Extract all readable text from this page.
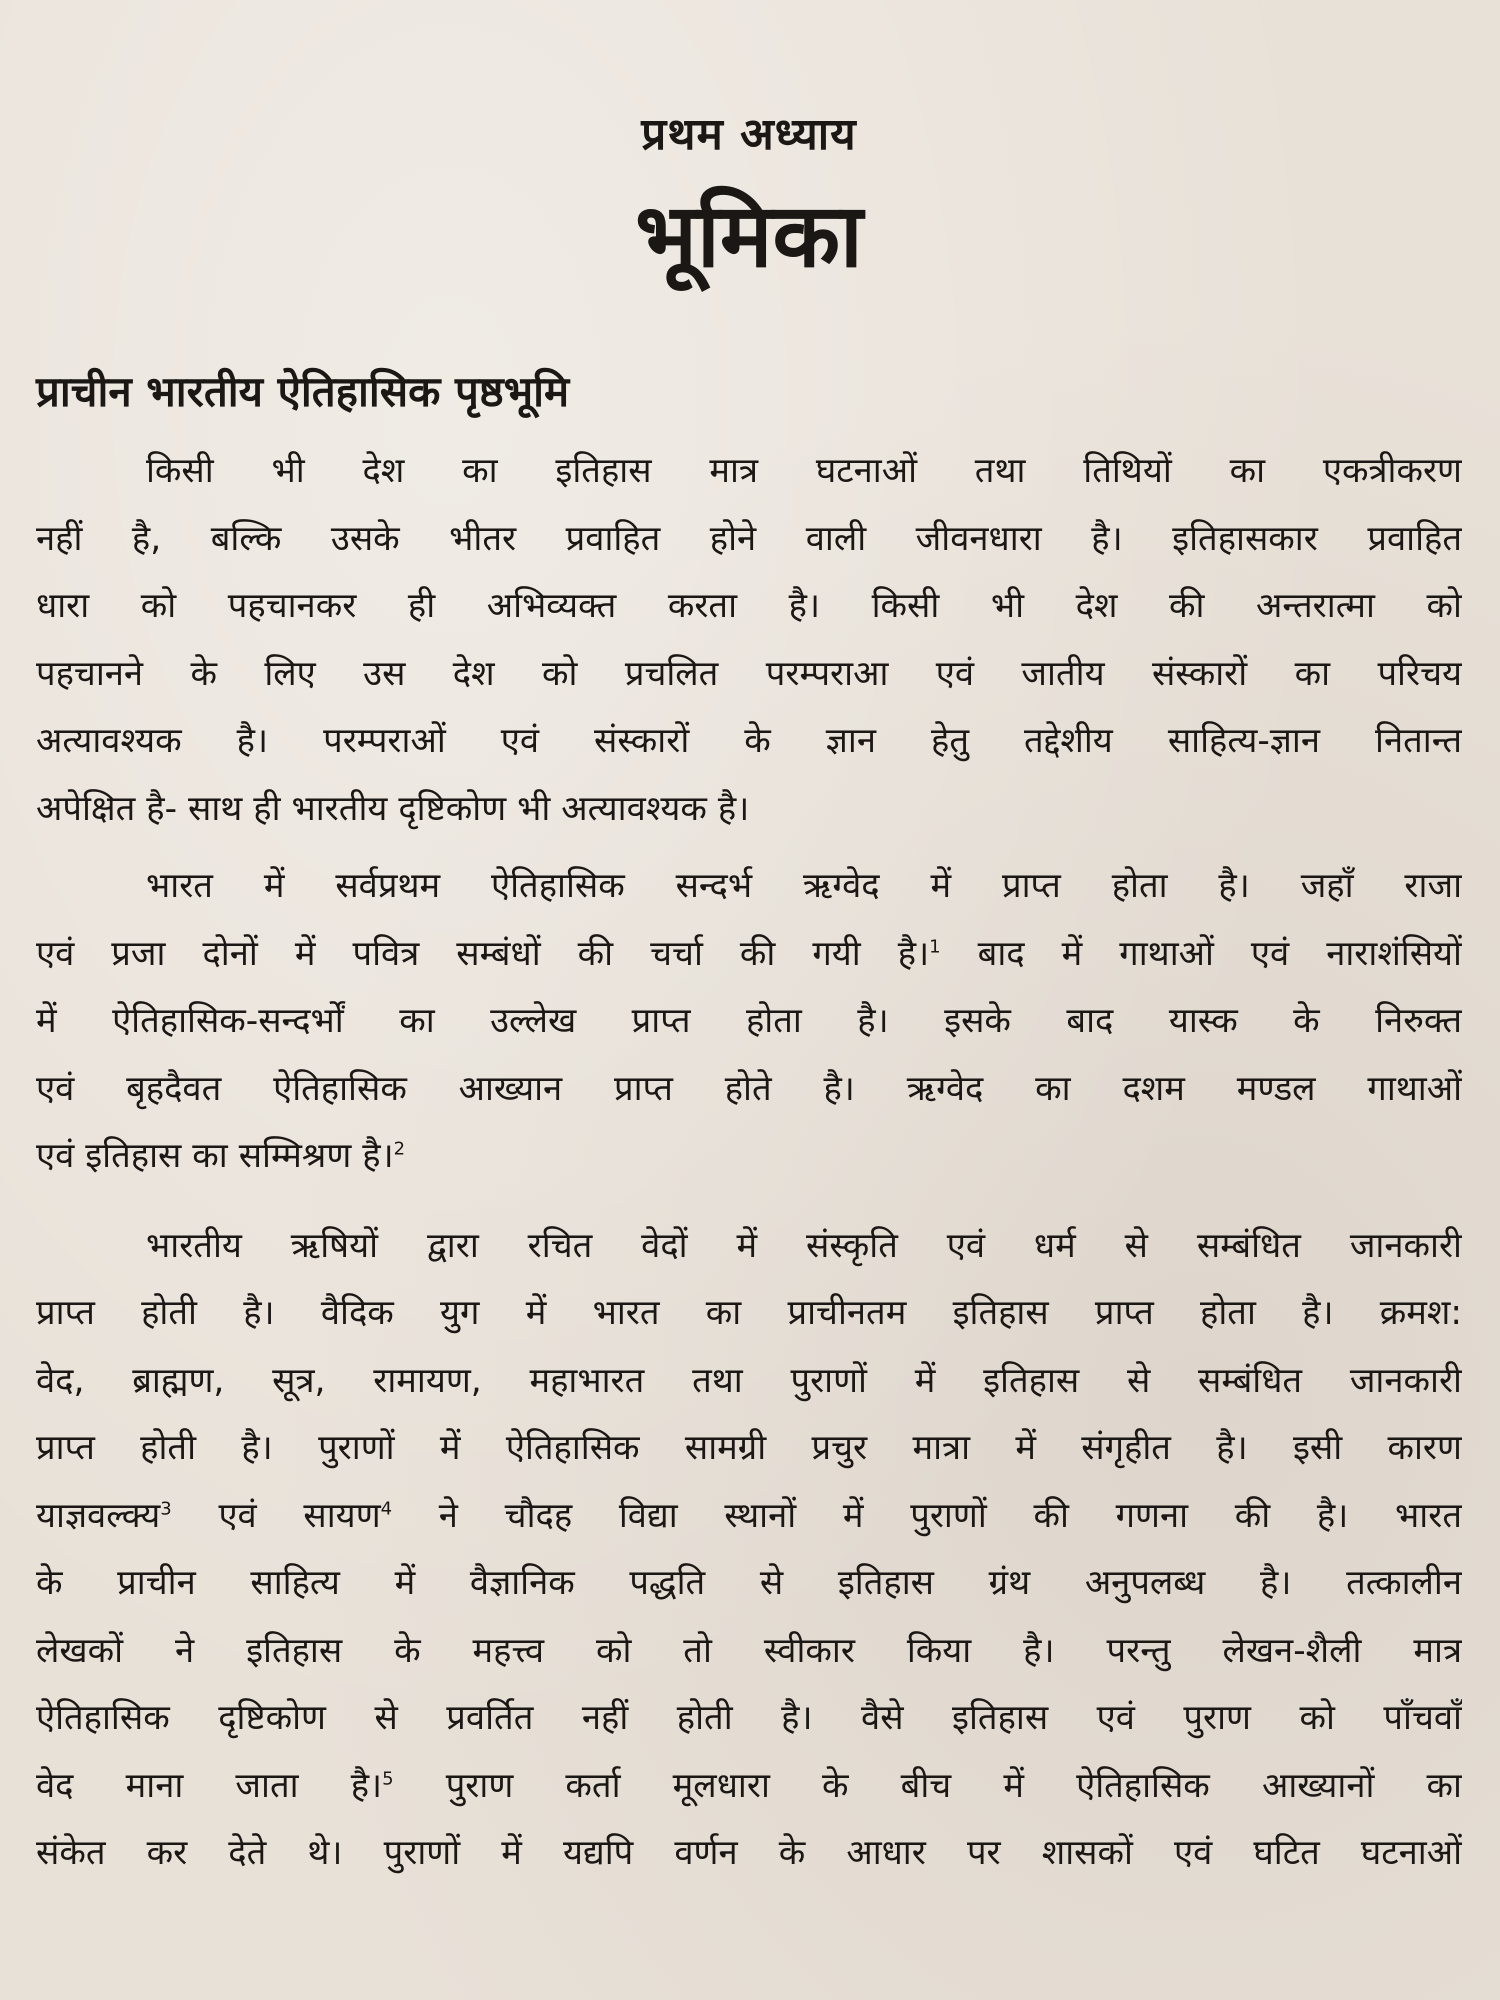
प्रथम अध्याय
भूमिका
प्राचीन भारतीय ऐतिहासिक पृष्ठभूमि
किसी भी देश का इतिहास मात्र घटनाओं तथा तिथियों का एकत्रीकरण
नहीं है, बल्कि उसके भीतर प्रवाहित होने वाली जीवनधारा है। इतिहासकार प्रवाहित
धारा को पहचानकर ही अभिव्यक्त करता है। किसी भी देश की अन्तरात्मा को
पहचानने के लिए उस देश को प्रचलित परम्पराआ एवं जातीय संस्कारों का परिचय
अत्यावश्यक है। परम्पराओं एवं संस्कारों के ज्ञान हेतु तद्देशीय साहित्य-ज्ञान नितान्त
अपेक्षित है- साथ ही भारतीय दृष्टिकोण भी अत्यावश्यक है।
भारत में सर्वप्रथम ऐतिहासिक सन्दर्भ ऋग्वेद में प्राप्त होता है। जहाँ राजा
एवं प्रजा दोनों में पवित्र सम्बंधों की चर्चा की गयी है।$^1$ बाद में गाथाओं एवं नाराशंसियों
में ऐतिहासिक-सन्दर्भों का उल्लेख प्राप्त होता है। इसके बाद यास्क के निरुक्त
एवं बृहदैवत ऐतिहासिक आख्यान प्राप्त होते है। ऋग्वेद का दशम मण्डल गाथाओं
एवं इतिहास का सम्मिश्रण है।$^2$
भारतीय ऋषियों द्वारा रचित वेदों में संस्कृति एवं धर्म से सम्बंधित जानकारी
प्राप्त होती है। वैदिक युग में भारत का प्राचीनतम इतिहास प्राप्त होता है। क्रमश:
वेद, ब्राह्मण, सूत्र, रामायण, महाभारत तथा पुराणों में इतिहास से सम्बंधित जानकारी
प्राप्त होती है। पुराणों में ऐतिहासिक सामग्री प्रचुर मात्रा में संगृहीत है। इसी कारण
याज्ञवल्क्य$^3$ एवं सायण$^4$ ने चौदह विद्या स्थानों में पुराणों की गणना की है। भारत
के प्राचीन साहित्य में वैज्ञानिक पद्धति से इतिहास ग्रंथ अनुपलब्ध है। तत्कालीन
लेखकों ने इतिहास के महत्त्व को तो स्वीकार किया है। परन्तु लेखन-शैली मात्र
ऐतिहासिक दृष्टिकोण से प्रवर्तित नहीं होती है। वैसे इतिहास एवं पुराण को पाँचवाँ
वेद माना जाता है।$^5$ पुराण कर्ता मूलधारा के बीच में ऐतिहासिक आख्यानों का
संकेत कर देते थे। पुराणों में यद्यपि वर्णन के आधार पर शासकों एवं घटित घटनाओं
